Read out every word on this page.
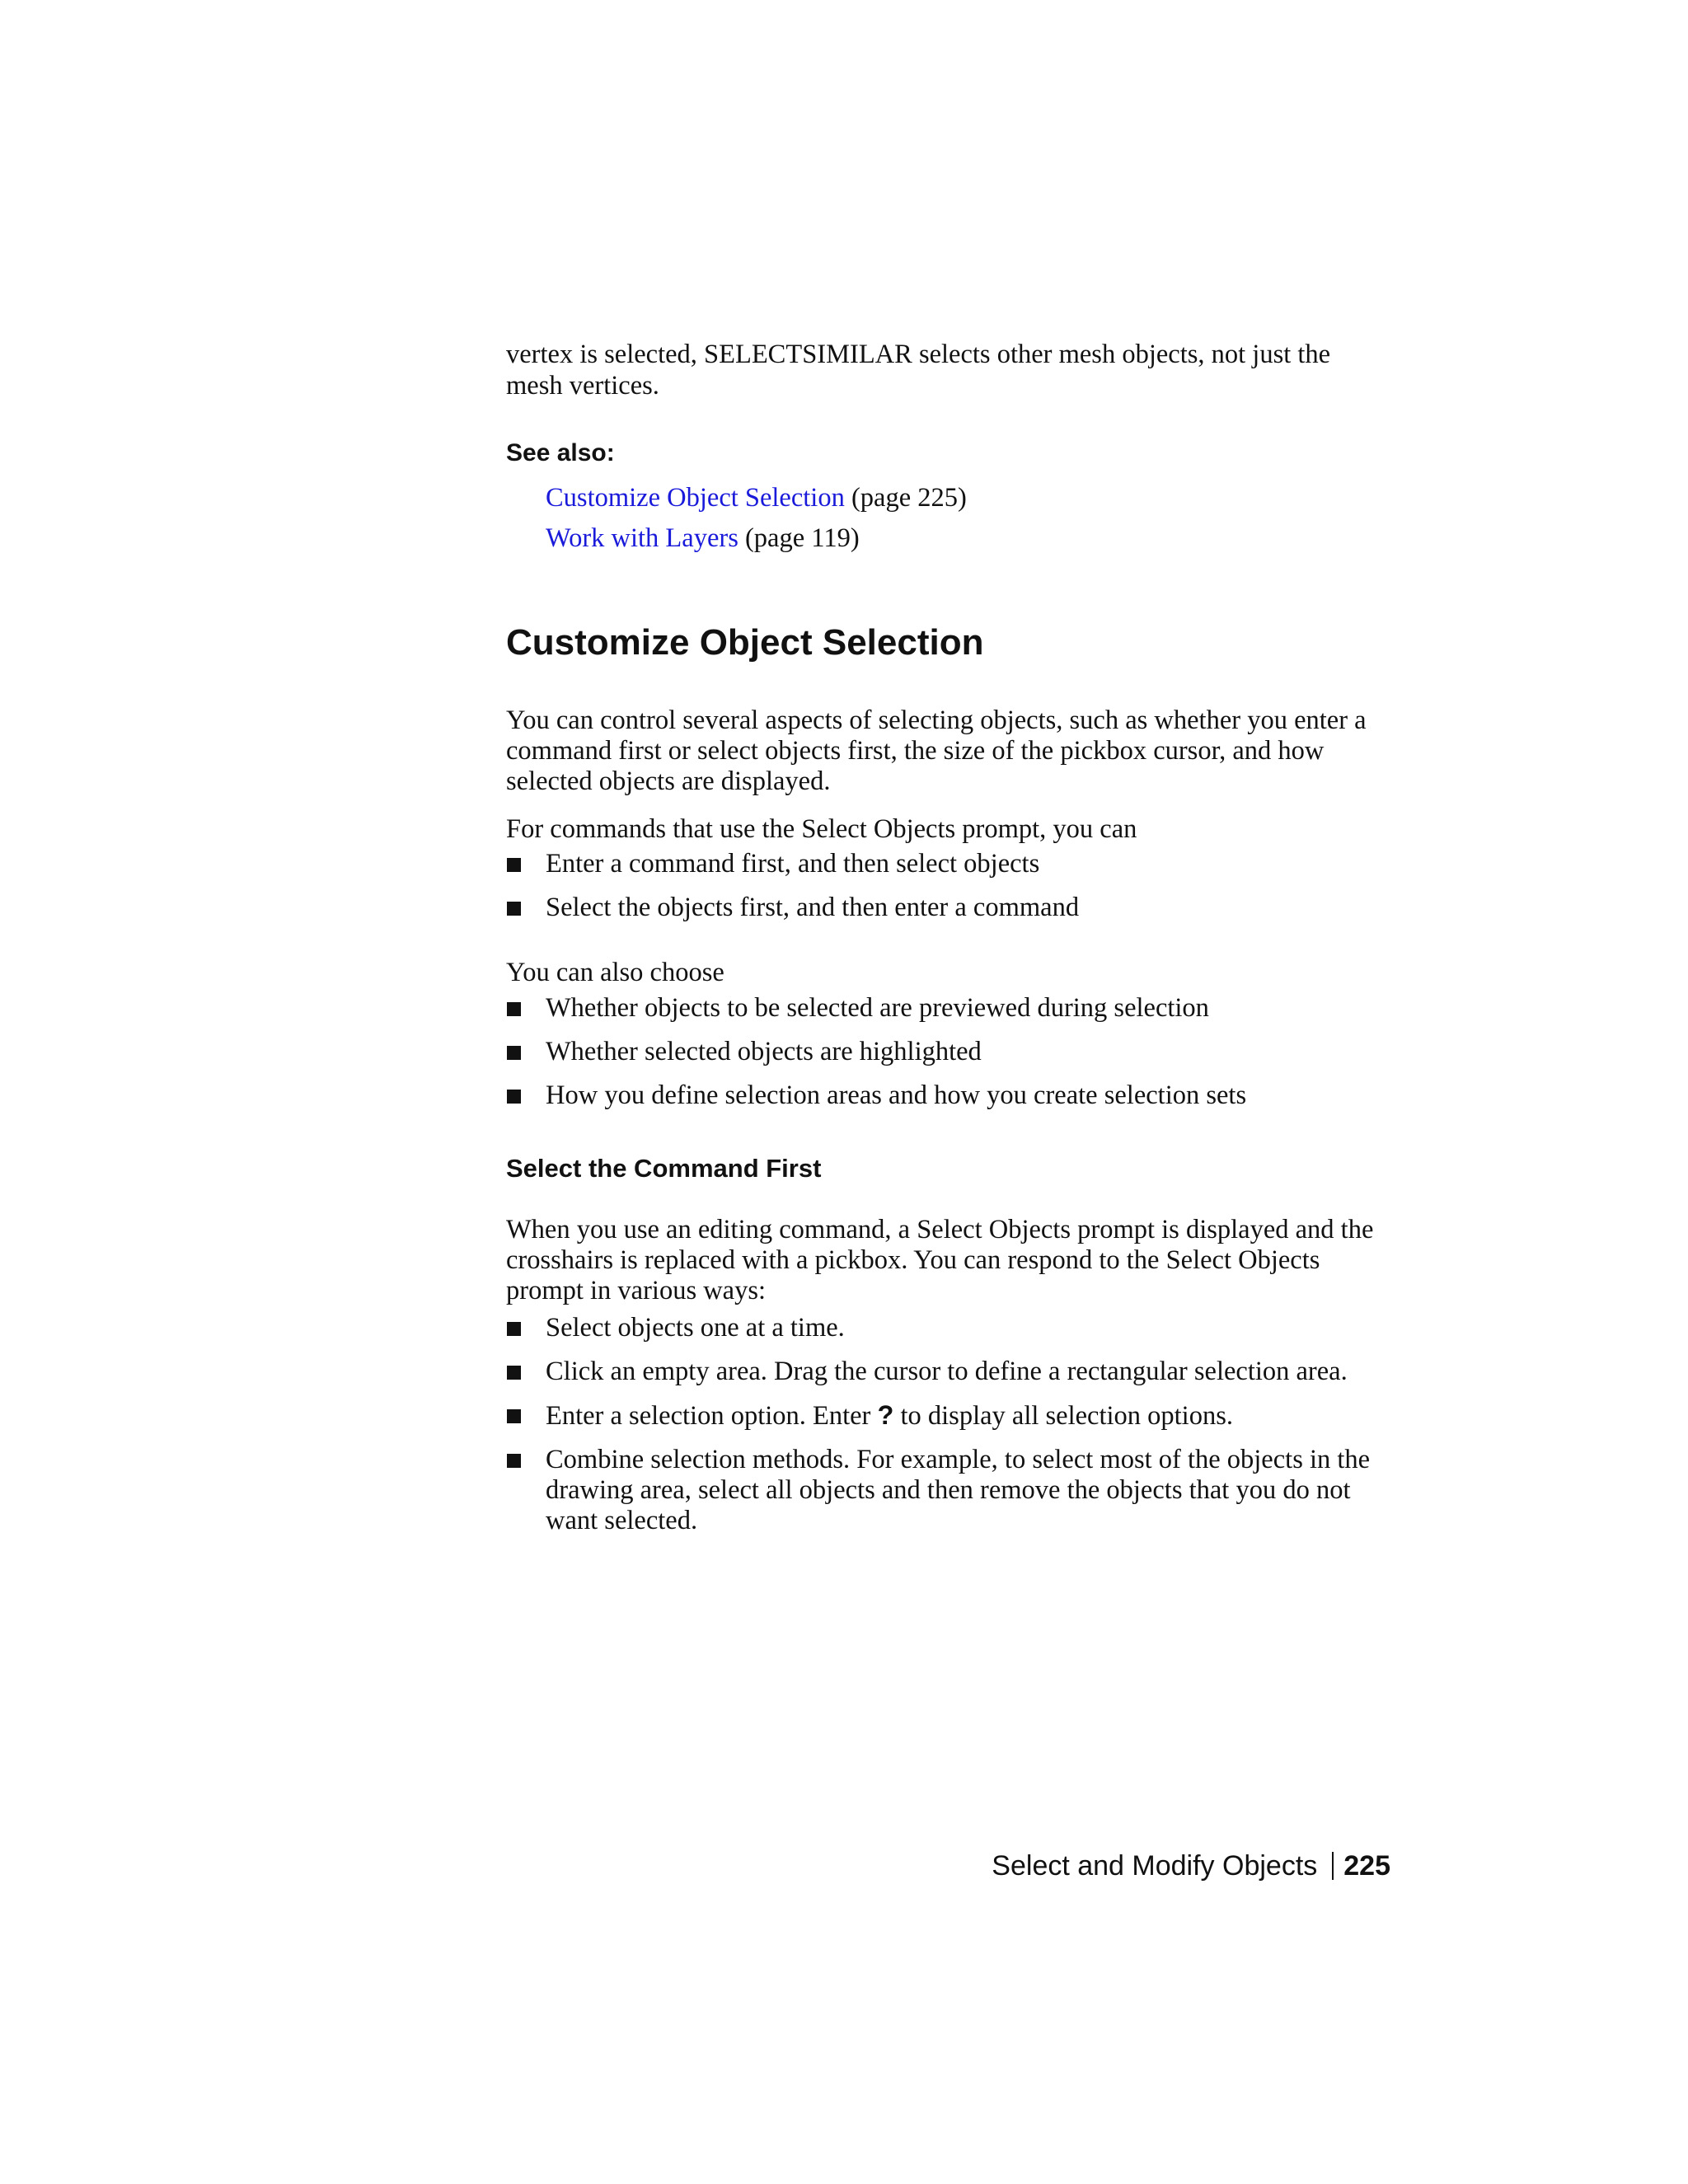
vertex is selected, SELECTSIMILAR selects other mesh objects, not just the

mesh vertices.

See also:

Customize Object Selection (page 225)
Work with Layers (page 119)
Customize Object Selection

You can control several aspects of selecting objects, such as whether you enter a command first or select objects first, the size of the pickbox cursor, and how selected objects are displayed.

For commands that use the Select Objects prompt, you can

Enter a command first, and then select objects

Select the objects first, and then enter a command

You can also choose

Whether objects to be selected are previewed during selection

Whether selected objects are highlighted

How you define selection areas and how you create selection sets

Select the Command First

When you use an editing command, a Select Objects prompt is displayed and the crosshairs is replaced with a pickbox. You can respond to the Select Objects prompt in various ways:

Select objects one at a time.

Click an empty area. Drag the cursor to define a rectangular selection area.

Enter a selection option. Enter ? to display all selection options.

Combine selection methods. For example, to select most of the objects in the drawing area, select all objects and then remove the objects that you do not want selected.

Select and Modify Objects 225
